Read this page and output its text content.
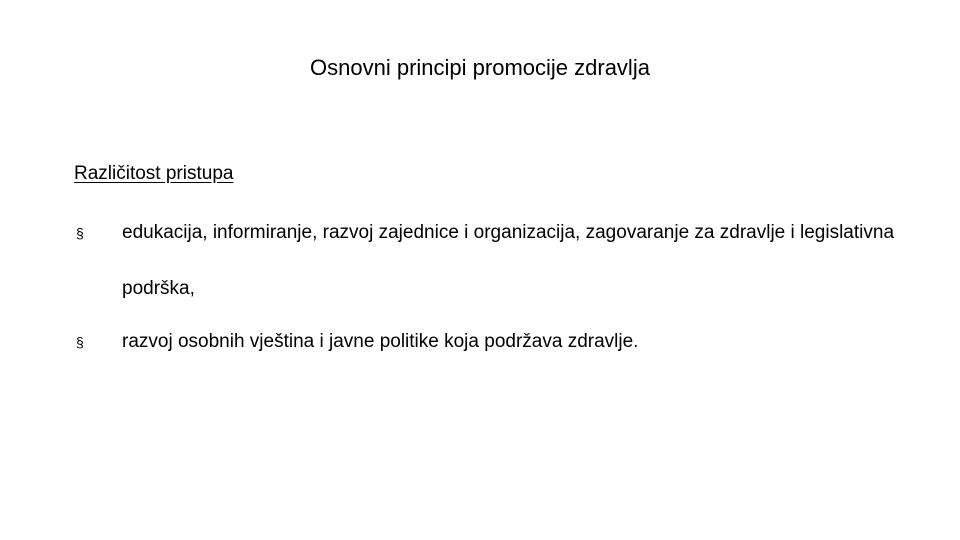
Osnovni principi promocije zdravlja
Različitost pristupa
§ edukacija, informiranje, razvoj zajednice i organizacija, zagovaranje za zdravlje i legislativna podrška,
§ razvoj osobnih vještina i javne politike koja podržava zdravlje.
